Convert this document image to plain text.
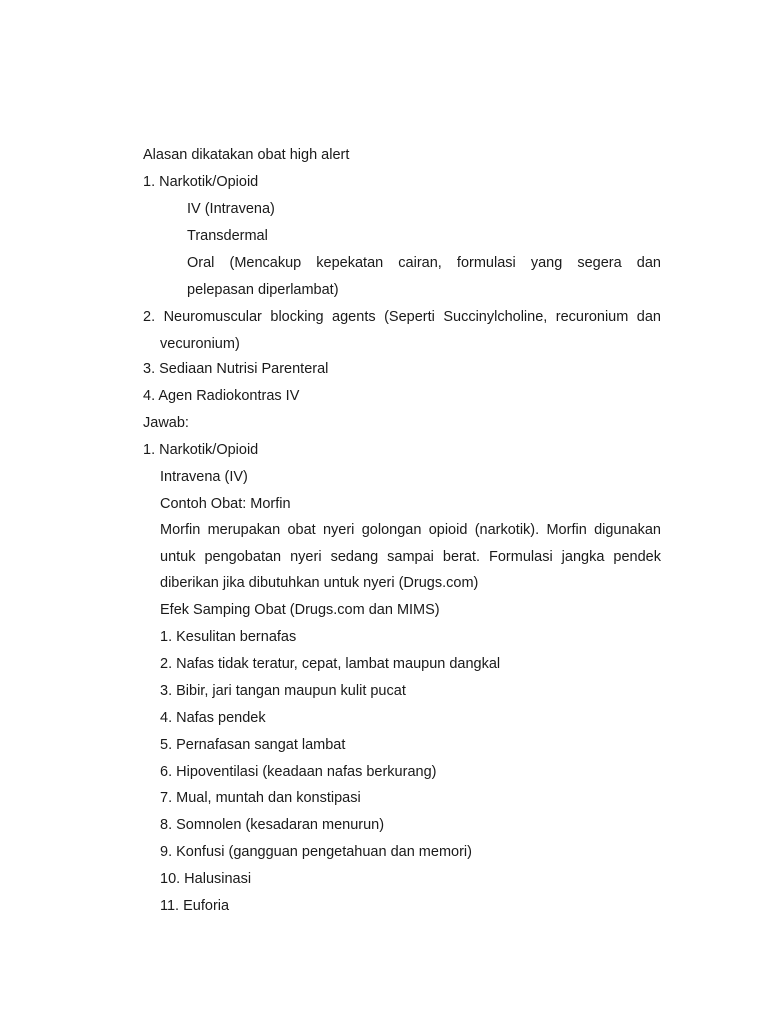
Alasan dikatakan obat high alert
1. Narkotik/Opioid
IV (Intravena)
Transdermal
Oral (Mencakup kepekatan cairan, formulasi yang segera dan
pelepasan diperlambat)
2. Neuromuscular blocking agents (Seperti Succinylcholine, recuronium dan
vecuronium)
3. Sediaan Nutrisi Parenteral
4. Agen Radiokontras IV
Jawab:
1. Narkotik/Opioid
Intravena (IV)
Contoh Obat: Morfin
Morfin merupakan obat nyeri golongan opioid (narkotik). Morfin digunakan
untuk pengobatan nyeri sedang sampai berat. Formulasi jangka pendek
diberikan jika dibutuhkan untuk nyeri (Drugs.com)
Efek Samping Obat (Drugs.com dan MIMS)
1. Kesulitan bernafas
2. Nafas tidak teratur, cepat, lambat maupun dangkal
3. Bibir, jari tangan maupun kulit pucat
4. Nafas pendek
5. Pernafasan sangat lambat
6. Hipoventilasi (keadaan nafas berkurang)
7. Mual, muntah dan konstipasi
8. Somnolen (kesadaran menurun)
9. Konfusi (gangguan pengetahuan dan memori)
10. Halusinasi
11. Euforia
